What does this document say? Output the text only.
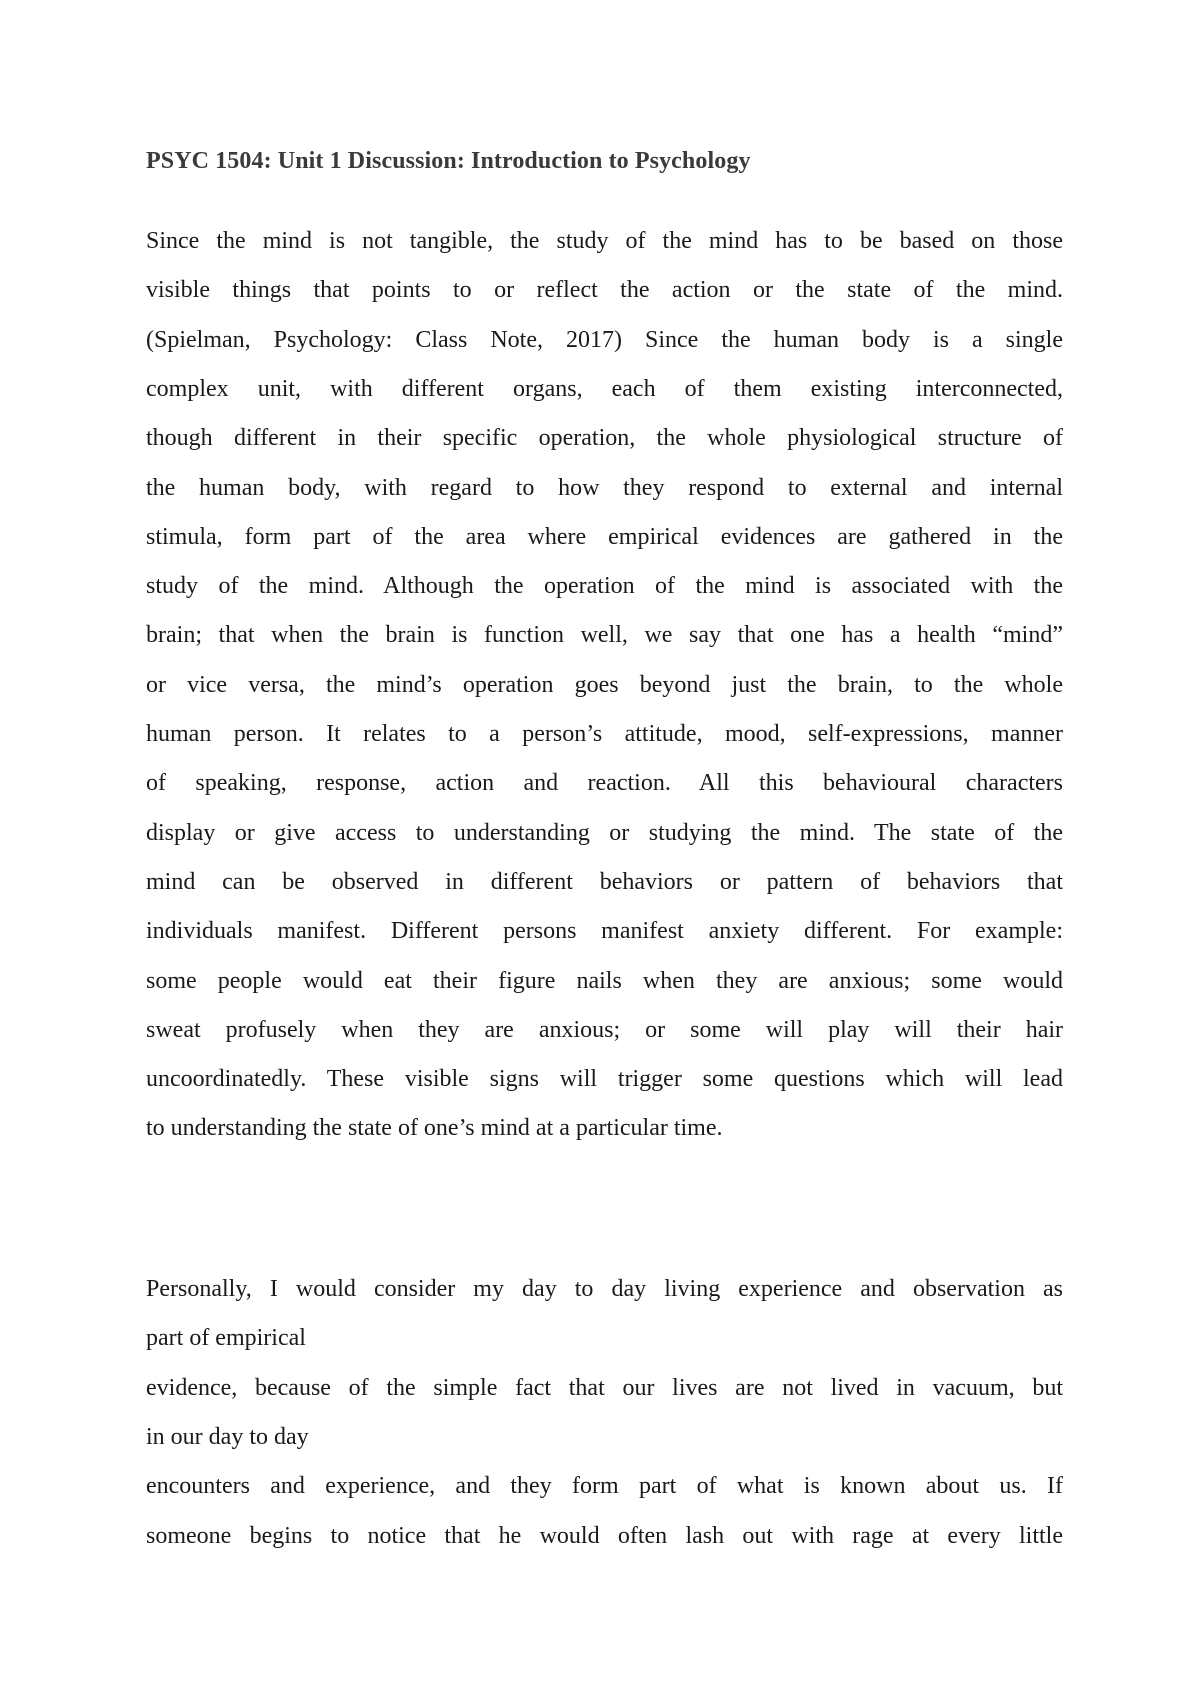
PSYC 1504: Unit 1 Discussion: Introduction to Psychology
Since the mind is not tangible, the study of the mind has to be based on those
visible things that points to or reflect the action or the state of the mind.
(Spielman, Psychology: Class Note, 2017) Since the human body is a single
complex unit, with different organs, each of them existing interconnected,
though different in their specific operation, the whole physiological structure of
the human body, with regard to how they respond to external and internal
stimula, form part of the area where empirical evidences are gathered in the
study of the mind. Although the operation of the mind is associated with the
brain; that when the brain is function well, we say that one has a health “mind”
or vice versa, the mind’s operation goes beyond just the brain, to the whole
human person. It relates to a person’s attitude, mood, self-expressions, manner
of speaking, response, action and reaction. All this behavioural characters
display or give access to understanding or studying the mind. The state of the
mind can be observed in different behaviors or pattern of behaviors that
individuals manifest. Different persons manifest anxiety different. For example:
some people would eat their figure nails when they are anxious; some would
sweat profusely when they are anxious; or some will play will their hair
uncoordinatedly. These visible signs will trigger some questions which will lead
to understanding the state of one’s mind at a particular time.
Personally, I would consider my day to day living experience and observation as
part of empirical
evidence, because of the simple fact that our lives are not lived in vacuum, but
in our day to day
encounters and experience, and they form part of what is known about us. If
someone begins to notice that he would often lash out with rage at every little
